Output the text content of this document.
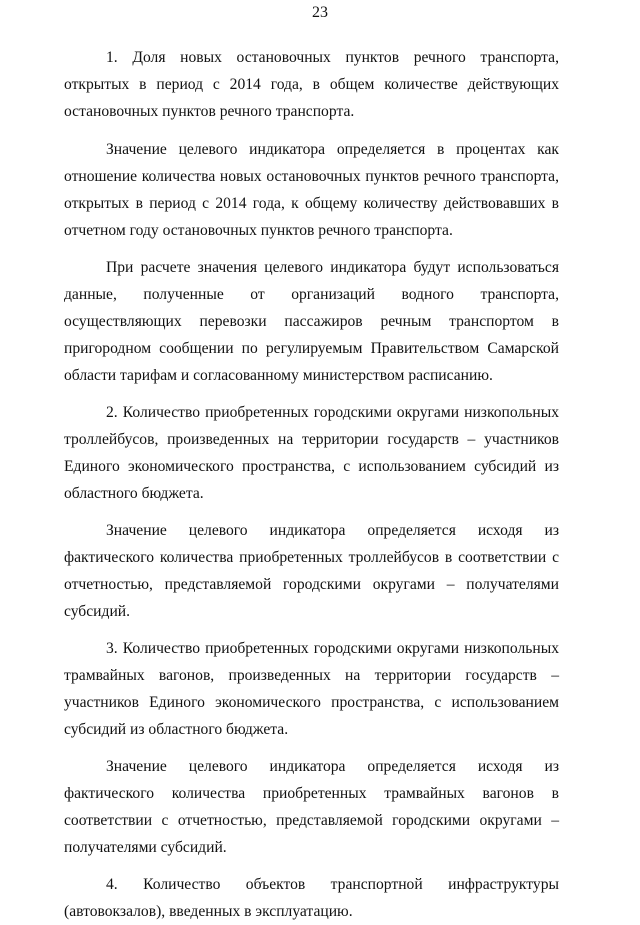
23

1. Доля новых остановочных пунктов речного транспорта, открытых в период с 2014 года, в общем количестве действующих остановочных пунктов речного транспорта.

Значение целевого индикатора определяется в процентах как отношение количества новых остановочных пунктов речного транспорта, открытых в период с 2014 года, к общему количеству действовавших в отчетном году остановочных пунктов речного транспорта.

При расчете значения целевого индикатора будут использоваться данные, полученные от организаций водного транспорта, осуществляющих перевозки пассажиров речным транспортом в пригородном сообщении по регулируемым Правительством Самарской области тарифам и согласованному министерством расписанию.

2. Количество приобретенных городскими округами низкопольных троллейбусов, произведенных на территории государств – участников Единого экономического пространства, с использованием субсидий из областного бюджета.

Значение целевого индикатора определяется исходя из фактического количества приобретенных троллейбусов в соответствии с отчетностью, представляемой городскими округами – получателями субсидий.

3. Количество приобретенных городскими округами низкопольных трамвайных вагонов, произведенных на территории государств – участников Единого экономического пространства, с использованием субсидий из областного бюджета.

Значение целевого индикатора определяется исходя из фактического количества приобретенных трамвайных вагонов в соответствии с отчетностью, представляемой городскими округами – получателями субсидий.

4. Количество объектов транспортной инфраструктуры (автовокзалов), введенных в эксплуатацию.
